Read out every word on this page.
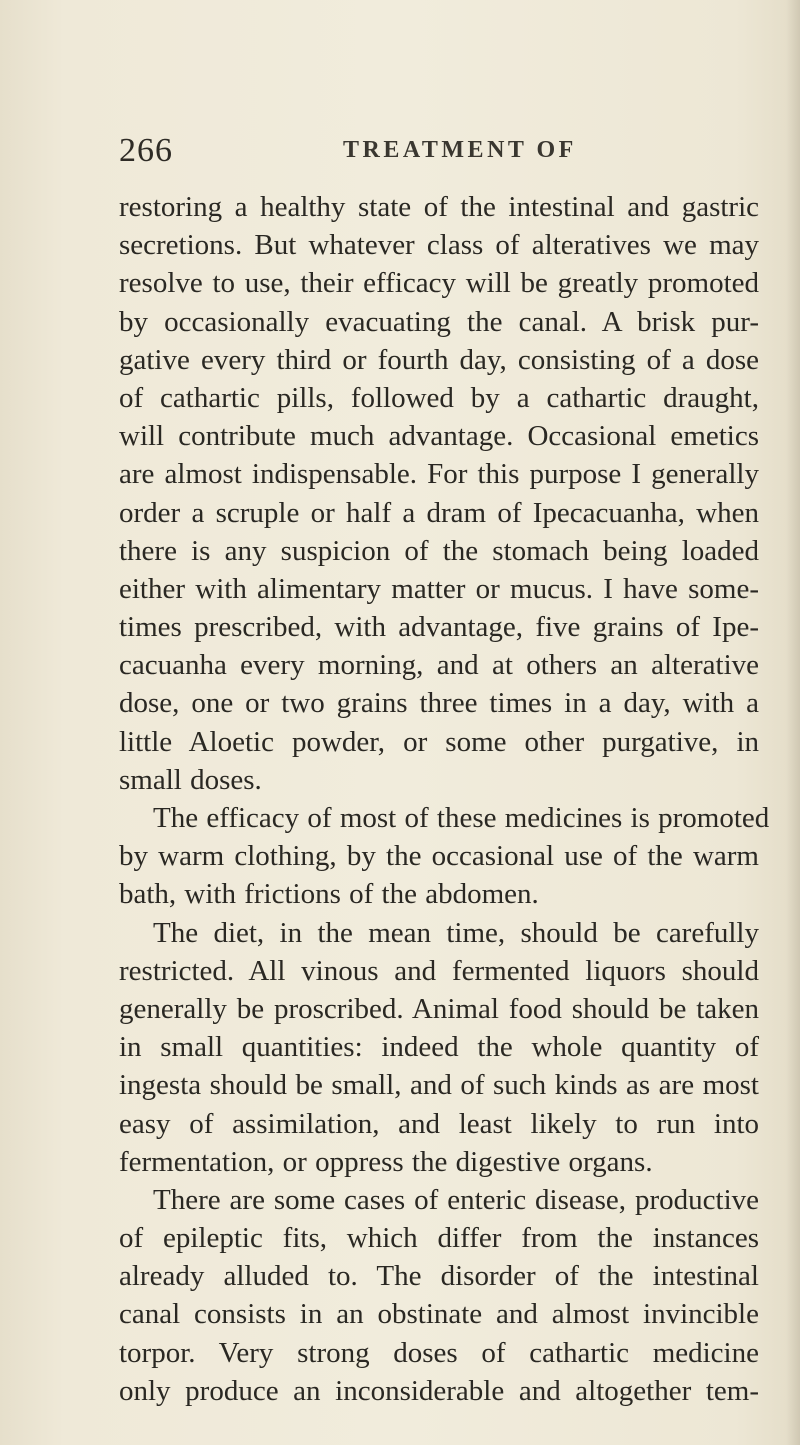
266	TREATMENT OF
restoring a healthy state of the intestinal and gastric
secretions. But whatever class of alteratives we may
resolve to use, their efficacy will be greatly promoted
by occasionally evacuating the canal. A brisk pur-
gative every third or fourth day, consisting of a dose
of cathartic pills, followed by a cathartic draught,
will contribute much advantage. Occasional emetics
are almost indispensable. For this purpose I generally
order a scruple or half a dram of Ipecacuanha, when
there is any suspicion of the stomach being loaded
either with alimentary matter or mucus. I have some-
times prescribed, with advantage, five grains of Ipe-
cacuanha every morning, and at others an alterative
dose, one or two grains three times in a day, with a
little Aloetic powder, or some other purgative, in
small doses.
The efficacy of most of these medicines is promoted
by warm clothing, by the occasional use of the warm
bath, with frictions of the abdomen.
The diet, in the mean time, should be carefully
restricted. All vinous and fermented liquors should
generally be proscribed. Animal food should be taken
in small quantities: indeed the whole quantity of
ingesta should be small, and of such kinds as are most
easy of assimilation, and least likely to run into
fermentation, or oppress the digestive organs.
There are some cases of enteric disease, productive
of epileptic fits, which differ from the instances
already alluded to. The disorder of the intestinal
canal consists in an obstinate and almost invincible
torpor. Very strong doses of cathartic medicine
only produce an inconsiderable and altogether tem-
